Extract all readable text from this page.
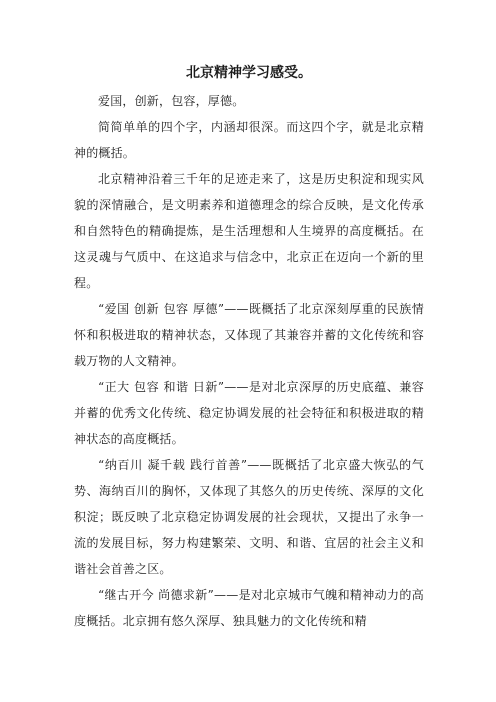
北京精神学习感受。

爱国，创新，包容，厚德。

简简单单的四个字，内涵却很深。而这四个字，就是北京精神的概括。

北京精神沿着三千年的足迹走来了，这是历史积淀和现实风貌的深情融合，是文明素养和道德理念的综合反映，是文化传承和自然特色的精确提炼，是生活理想和人生境界的高度概括。在这灵魂与气质中、在这追求与信念中，北京正在迈向一个新的里程。

“爱国 创新 包容 厚德”——既概括了北京深刻厚重的民族情怀和积极进取的精神状态，又体现了其兼容并蓄的文化传统和容载万物的人文精神。

“正大 包容 和谐 日新”——是对北京深厚的历史底蕴、兼容并蓄的优秀文化传统、稳定协调发展的社会特征和积极进取的精神状态的高度概括。

“纳百川 凝千载 践行首善”——既概括了北京盛大恢弘的气势、海纳百川的胸怀，又体现了其悠久的历史传统、深厚的文化积淀；既反映了北京稳定协调发展的社会现状，又提出了永争一流的发展目标，努力构建繁荣、文明、和谐、宜居的社会主义和谐社会首善之区。

“继古开今 尚德求新”——是对北京城市气魄和精神动力的高度概括。北京拥有悠久深厚、独具魅力的文化传统和精
